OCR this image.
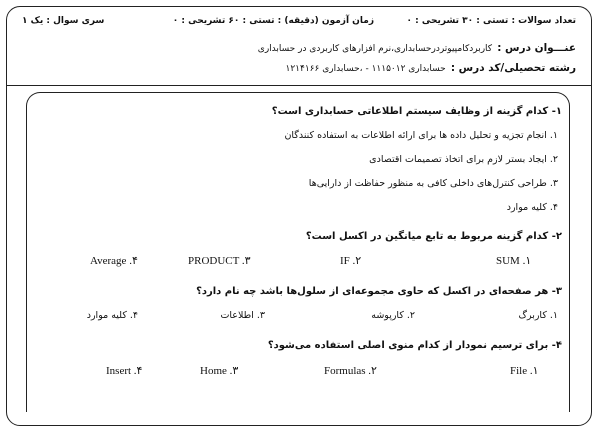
تعداد سوالات : تستی : ۳۰ تشریحی : ۰
زمان آزمون (دقیقه) : تستی : ۶۰ تشریحی : ۰
سری سوال : یک ۱
عنـــوان درس : کاربردکامپیوتردرحسابداری،نرم افزارهای کاربردی در حسابداری
رشته تحصیلی/کد درس : حسابداری ۱۱۱۵۰۱۲ - ،حسابداری ۱۲۱۴۱۶۶
۱- کدام گزینه از وظایف سیستم اطلاعاتی حسابداری است؟
۱. انجام تجزیه و تحلیل داده ها برای ارائه اطلاعات به استفاده کنندگان
۲. ایجاد بستر لازم برای اتخاذ تصمیمات اقتصادی
۳. طراحی کنترل‌های داخلی کافی به منظور حفاظت از دارایی‌ها
۴. کلیه موارد
۲- کدام گزینه مربوط به تابع میانگین در اکسل است؟
SUM .۱
IF .۲
PRODUCT .۳
Average .۴
۳- هر صفحه‌ای در اکسل که حاوی مجموعه‌ای از سلول‌ها باشد چه نام دارد؟
۱. کاربرگ
۲. کارپوشه
۳. اطلاعات
۴. کلیه موارد
۴- برای ترسیم نمودار از کدام منوی اصلی استفاده می‌شود؟
File .۱
Formulas .۲
Home .۳
Insert .۴
